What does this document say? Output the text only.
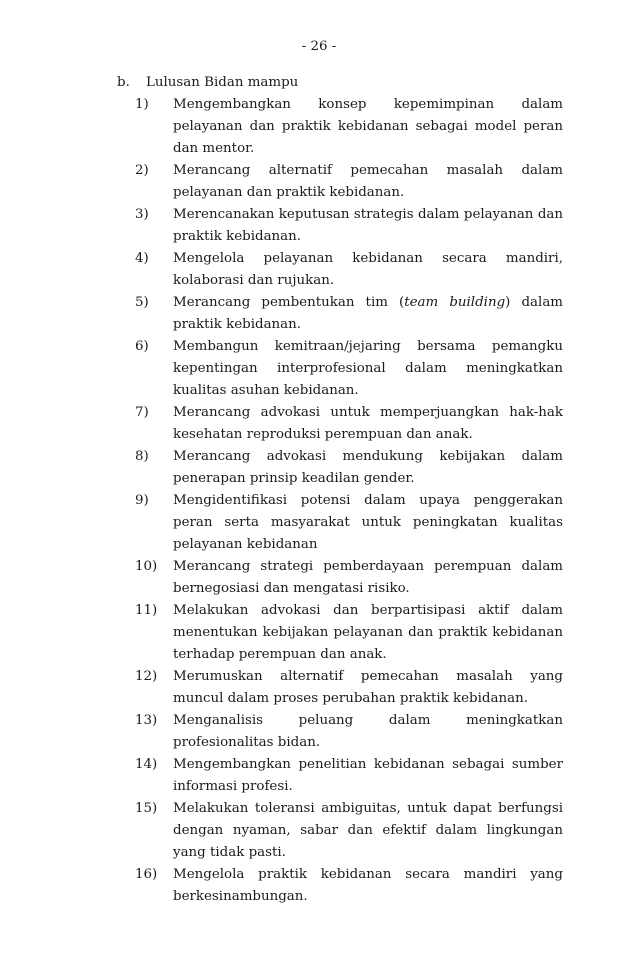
- 26 -
b.	Lulusan Bidan mampu
1)	Mengembangkan konsep kepemimpinan dalam pelayanan dan praktik kebidanan sebagai model peran dan mentor.
2)	Merancang alternatif pemecahan masalah dalam pelayanan dan praktik kebidanan.
3)	Merencanakan keputusan strategis dalam pelayanan dan praktik kebidanan.
4)	Mengelola pelayanan kebidanan secara mandiri, kolaborasi dan rujukan.
5)	Merancang pembentukan tim (team building) dalam praktik kebidanan.
6)	Membangun kemitraan/jejaring bersama pemangku kepentingan interprofesional dalam meningkatkan kualitas asuhan kebidanan.
7)	Merancang advokasi untuk memperjuangkan hak-hak kesehatan reproduksi perempuan dan anak.
8)	Merancang advokasi mendukung kebijakan dalam penerapan prinsip keadilan gender.
9)	Mengidentifikasi potensi dalam upaya penggerakan peran serta masyarakat untuk peningkatan kualitas pelayanan kebidanan
10)	Merancang strategi pemberdayaan perempuan dalam bernegosiasi dan mengatasi risiko.
11)	Melakukan advokasi dan berpartisipasi aktif dalam menentukan kebijakan pelayanan dan praktik kebidanan terhadap perempuan dan anak.
12)	Merumuskan alternatif pemecahan masalah yang muncul dalam proses perubahan praktik kebidanan.
13)	Menganalisis peluang dalam meningkatkan profesionalitas bidan.
14)	Mengembangkan penelitian kebidanan sebagai sumber informasi profesi.
15)	Melakukan toleransi ambiguitas, untuk dapat berfungsi dengan nyaman, sabar dan efektif dalam lingkungan yang tidak pasti.
16)	Mengelola praktik kebidanan secara mandiri yang berkesinambungan.
